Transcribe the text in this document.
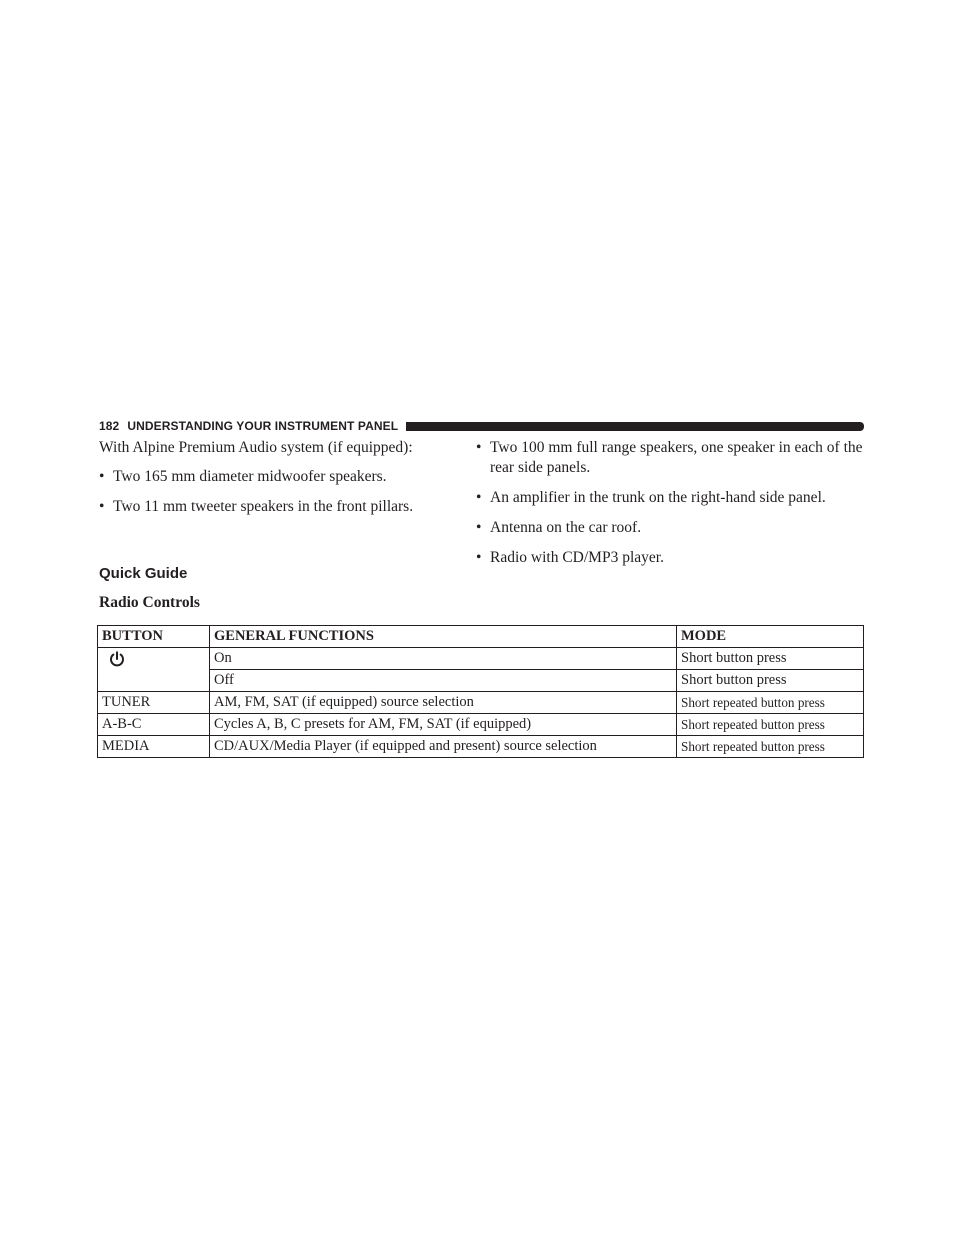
182 UNDERSTANDING YOUR INSTRUMENT PANEL

With Alpine Premium Audio system (if equipped):

• Two 165 mm diameter midwoofer speakers.
• Two 11 mm tweeter speakers in the front pillars.
• Two 100 mm full range speakers, one speaker in each of the rear side panels.
• An amplifier in the trunk on the right-hand side panel.
• Antenna on the car roof.
• Radio with CD/MP3 player.
Quick Guide
Radio Controls
BUTTON	GENERAL FUNCTIONS	MODE
	On	Short button press
	Off	Short button press
TUNER	AM, FM, SAT (if equipped) source selection	Short repeated button press
A-B-C	Cycles A, B, C presets for AM, FM, SAT (if equipped)	Short repeated button press
MEDIA	CD/AUX/Media Player (if equipped and present) source selection	Short repeated button press
